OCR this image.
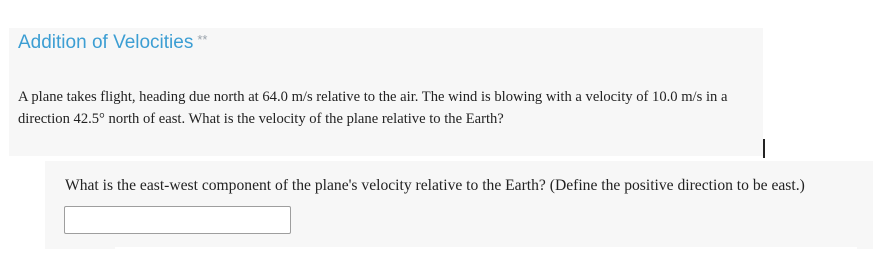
Addition of Velocities **

A plane takes flight, heading due north at 64.0 m/s relative to the air. The wind is blowing with a velocity of 10.0 m/s in a direction 42.5° north of east. What is the velocity of the plane relative to the Earth?

What is the east-west component of the plane's velocity relative to the Earth? (Define the positive direction to be east.)
